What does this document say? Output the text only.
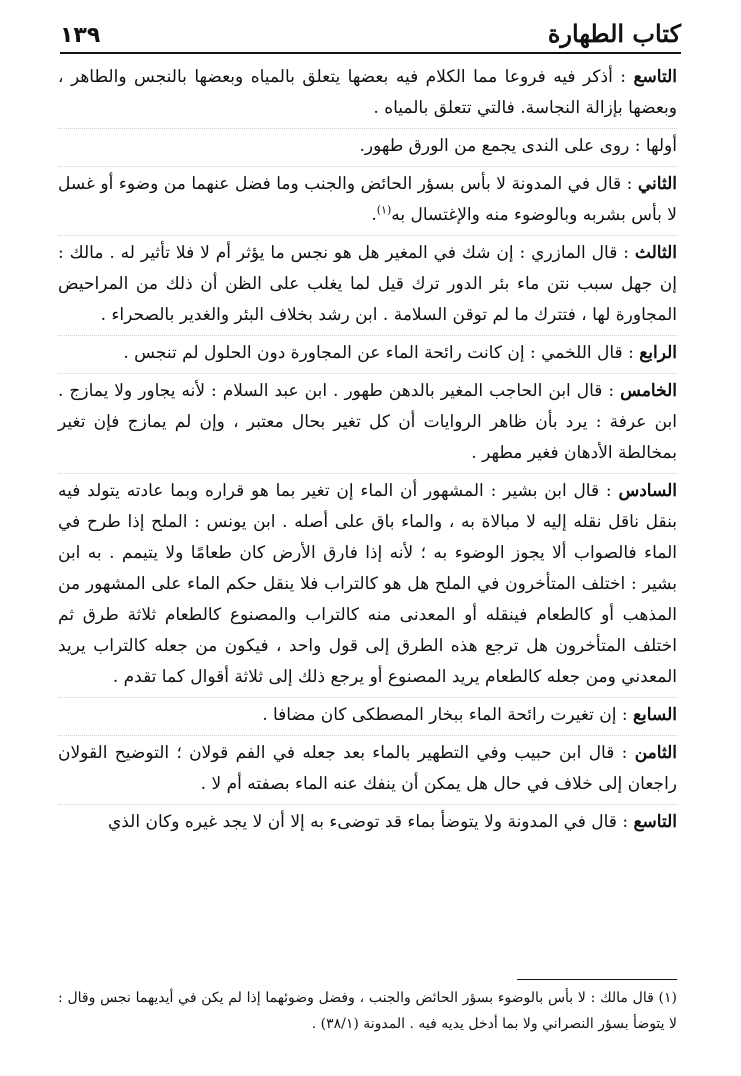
١٣٩	كتاب الطهارة

التاسع : أذكر فيه فروعا مما الكلام فيه بعضها يتعلق بالمياه وبعضها بالنجس والطاهر ، وبعضها بإزالة النجاسة. فالتي تتعلق بالمياه .

أولها : روى على الندى يجمع من الورق طهور.

الثاني : قال في المدونة لا بأس بسؤر الحائض والجنب وما فضل عنهما من وضوء أو غسل لا بأس بشربه وبالوضوء منه والإغتسال به$^{(١)}$.

الثالث : قال المازري : إن شك في المغير هل هو نجس ما يؤثر أم لا فلا تأثير له . مالك : إن جهل سبب نتن ماء بئر الدور ترك قيل لما يغلب على الظن أن ذلك من المراحيض المجاورة لها ، فتترك ما لم توقن السلامة . ابن رشد بخلاف البئر والغدير بالصحراء .

الرابع : قال اللخمي : إن كانت رائحة الماء عن المجاورة دون الحلول لم تنجس .

الخامس : قال ابن الحاجب المغير بالدهن طهور . ابن عبد السلام : لأنه يجاور ولا يمازج . ابن عرفة : يرد بأن ظاهر الروايات أن كل تغير بحال معتبر ، وإن لم يمازج فإن تغير بمخالطة الأدهان فغير مطهر .

السادس : قال ابن بشير : المشهور أن الماء إن تغير بما هو قراره وبما عادته يتولد فيه بنقل ناقل نقله إليه لا مبالاة به ، والماء باق على أصله . ابن يونس : الملح إذا طرح في الماء فالصواب ألا يجوز الوضوء به ؛ لأنه إذا فارق الأرض كان طعامًا ولا يتيمم . به ابن بشير : اختلف المتأخرون في الملح هل هو كالتراب فلا ينقل حكم الماء على المشهور من المذهب أو كالطعام فينقله أو المعدنى منه كالتراب والمصنوع كالطعام ثلاثة طرق ثم اختلف المتأخرون هل ترجع هذه الطرق إلى قول واحد ، فيكون من جعله كالتراب يريد المعدني ومن جعله كالطعام يريد المصنوع أو يرجع ذلك إلى ثلاثة أقوال كما تقدم .

السابع : إن تغيرت رائحة الماء ببخار المصطكى كان مضافا .

الثامن : قال ابن حبيب وفي التطهير بالماء بعد جعله في الفم قولان ؛ التوضيح القولان راجعان إلى خلاف في حال هل يمكن أن ينفك عنه الماء بصفته أم لا .

التاسع : قال في المدونة ولا يتوضأ بماء قد توضىء به إلا أن لا يجد غيره وكان الذي

(١) قال مالك : لا بأس بالوضوء بسؤر الحائض والجنب ، وفضل وضوئهما إذا لم يكن في أيديهما نجس وقال : لا يتوضأ بسؤر النصراني ولا بما أدخل يديه فيه . المدونة (٣٨/١) .
